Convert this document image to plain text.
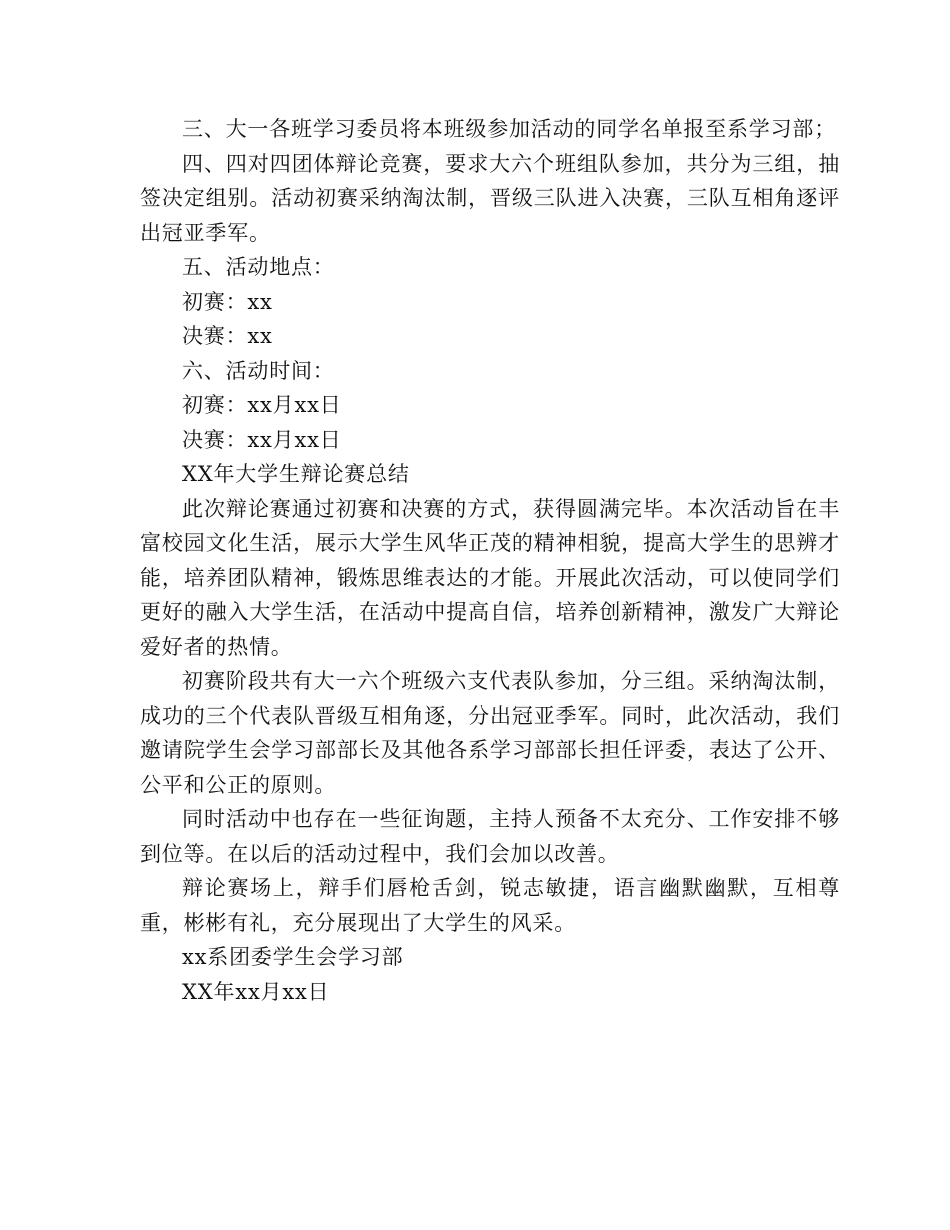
三、大一各班学习委员将本班级参加活动的同学名单报至系学习部；

四、四对四团体辩论竞赛，要求大六个班组队参加，共分为三组，抽签决定组别。活动初赛采纳淘汰制，晋级三队进入决赛，三队互相角逐评出冠亚季军。

五、活动地点：

初赛：xx

决赛：xx

六、活动时间：

初赛：xx月xx日

决赛：xx月xx日

XX年大学生辩论赛总结

此次辩论赛通过初赛和决赛的方式，获得圆满完毕。本次活动旨在丰富校园文化生活，展示大学生风华正茂的精神相貌，提高大学生的思辨才能，培养团队精神，锻炼思维表达的才能。开展此次活动，可以使同学们更好的融入大学生活，在活动中提高自信，培养创新精神，激发广大辩论爱好者的热情。

初赛阶段共有大一六个班级六支代表队参加，分三组。采纳淘汰制，成功的三个代表队晋级互相角逐，分出冠亚季军。同时，此次活动，我们邀请院学生会学习部部长及其他各系学习部部长担任评委，表达了公开、公平和公正的原则。

同时活动中也存在一些征询题，主持人预备不太充分、工作安排不够到位等。在以后的活动过程中，我们会加以改善。

辩论赛场上，辩手们唇枪舌剑，锐志敏捷，语言幽默幽默，互相尊重，彬彬有礼，充分展现出了大学生的风采。

xx系团委学生会学习部

XX年xx月xx日
